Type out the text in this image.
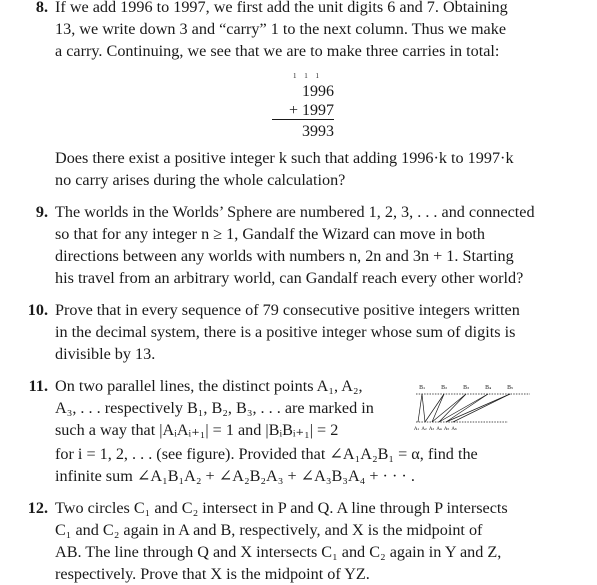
8. If we add 1996 to 1997, we first add the unit digits 6 and 7. Obtaining
13, we write down 3 and “carry” 1 to the next column. Thus we make
a carry. Continuing, we see that we are to make three carries in total:
1 1 1
1996
+ 1997
3993
Does there exist a positive integer k such that adding 1996·k to 1997·k
no carry arises during the whole calculation?
9. The worlds in the Worlds’ Sphere are numbered 1, 2, 3, . . . and connected
so that for any integer n ≥ 1, Gandalf the Wizard can move in both
directions between any worlds with numbers n, 2n and 3n + 1. Starting
his travel from an arbitrary world, can Gandalf reach every other world?
10. Prove that in every sequence of 79 consecutive positive integers written
in the decimal system, there is a positive integer whose sum of digits is
divisible by 13.
11. On two parallel lines, the distinct points A₁, A₂,
A₃, . . . respectively B₁, B₂, B₃, . . . are marked in
such a way that |AᵢAᵢ₊₁| = 1 and |BᵢBᵢ₊₁| = 2
for i = 1, 2, . . . (see figure). Provided that ∠A₁A₂B₁ = α, find the
infinite sum ∠A₁B₁A₂ + ∠A₂B₂A₃ + ∠A₃B₃A₄ + · · · .
B₁	B₂	B₃	B₄	B₅
A₁ A₂ A₃ A₄ A₅ A₆
12. Two circles C₁ and C₂ intersect in P and Q. A line through P intersects
C₁ and C₂ again in A and B, respectively, and X is the midpoint of
AB. The line through Q and X intersects C₁ and C₂ again in Y and Z,
respectively. Prove that X is the midpoint of YZ.
